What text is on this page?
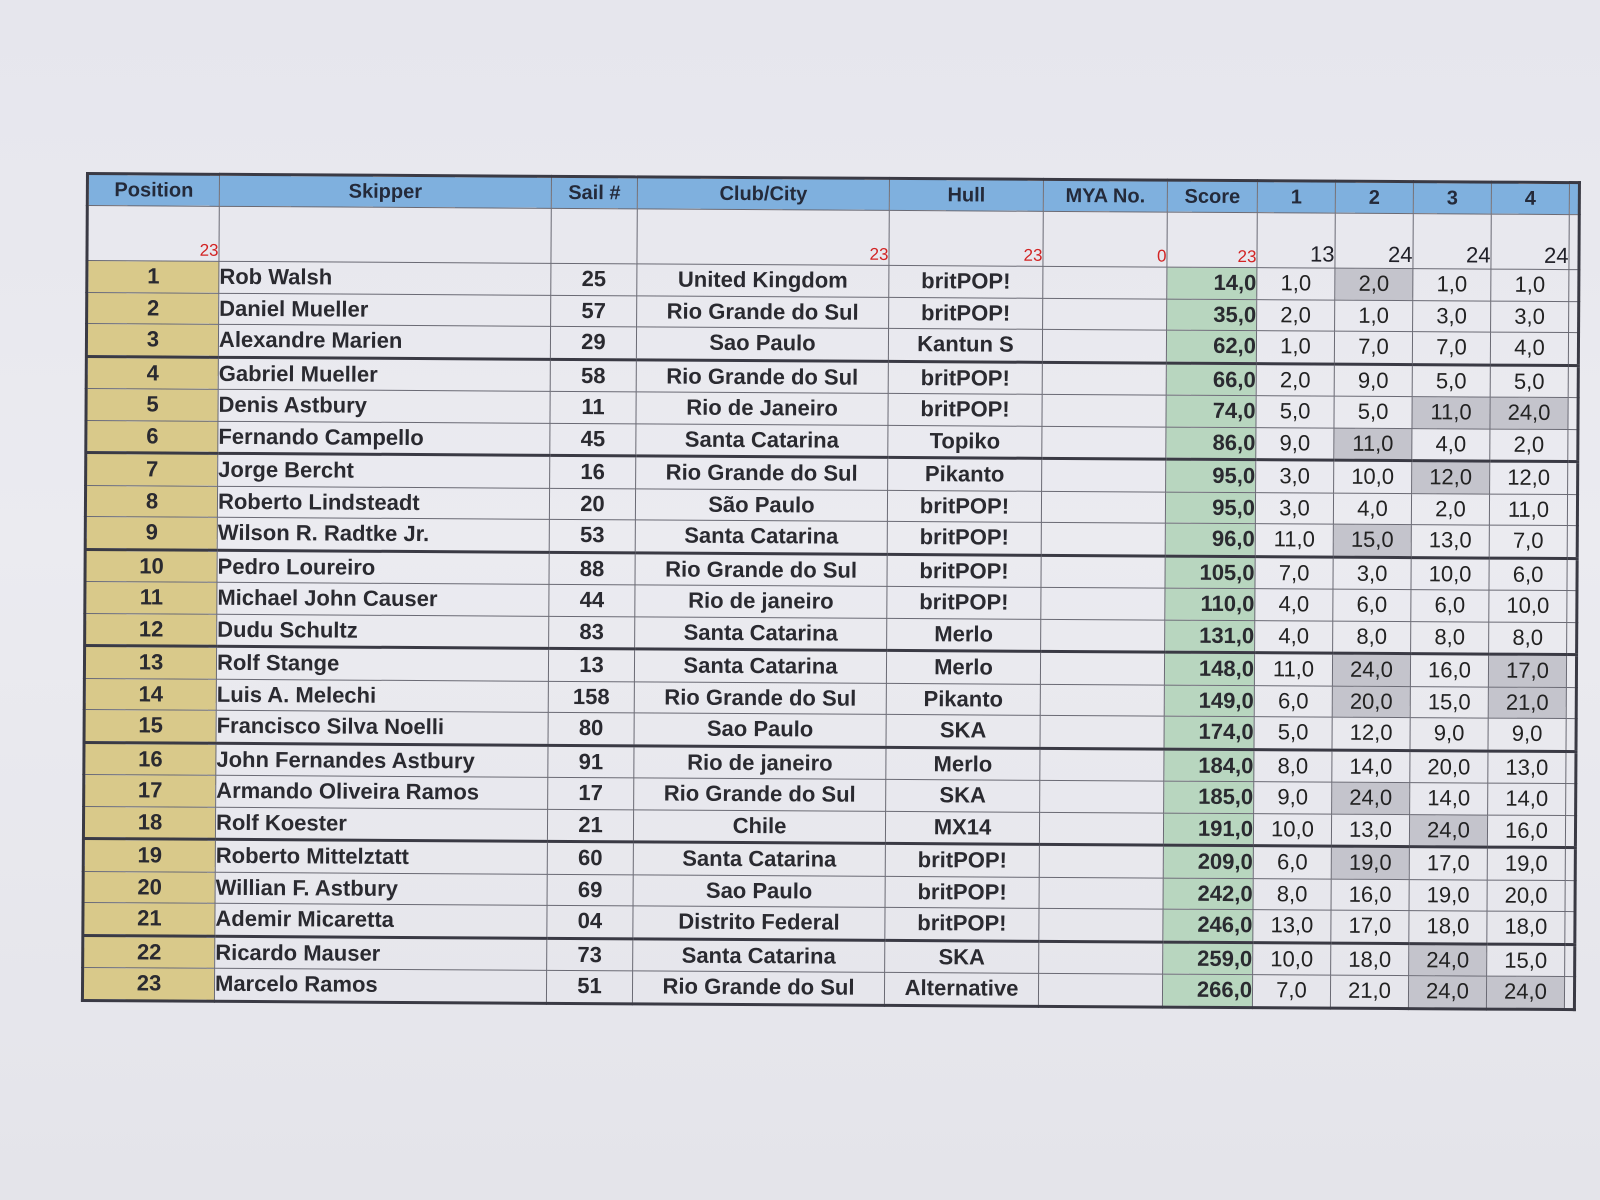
Position	Skipper	Sail #	Club/City	Hull	MYA No.	Score	1	2	3	4	
23			23	23	0	23	13	24	24	24	
1	Rob Walsh	25	United Kingdom	britPOP!		14,0	1,0	2,0	1,0	1,0	
2	Daniel Mueller	57	Rio Grande do Sul	britPOP!		35,0	2,0	1,0	3,0	3,0	
3	Alexandre Marien	29	Sao Paulo	Kantun S		62,0	1,0	7,0	7,0	4,0	
4	Gabriel Mueller	58	Rio Grande do Sul	britPOP!		66,0	2,0	9,0	5,0	5,0	
5	Denis Astbury	11	Rio de Janeiro	britPOP!		74,0	5,0	5,0	11,0	24,0	
6	Fernando Campello	45	Santa Catarina	Topiko		86,0	9,0	11,0	4,0	2,0	
7	Jorge Bercht	16	Rio Grande do Sul	Pikanto		95,0	3,0	10,0	12,0	12,0	
8	Roberto Lindsteadt	20	São Paulo	britPOP!		95,0	3,0	4,0	2,0	11,0	
9	Wilson R. Radtke Jr.	53	Santa Catarina	britPOP!		96,0	11,0	15,0	13,0	7,0	
10	Pedro Loureiro	88	Rio Grande do Sul	britPOP!		105,0	7,0	3,0	10,0	6,0	
11	Michael John Causer	44	Rio de janeiro	britPOP!		110,0	4,0	6,0	6,0	10,0	
12	Dudu Schultz	83	Santa Catarina	Merlo		131,0	4,0	8,0	8,0	8,0	
13	Rolf Stange	13	Santa Catarina	Merlo		148,0	11,0	24,0	16,0	17,0	
14	Luis A. Melechi	158	Rio Grande do Sul	Pikanto		149,0	6,0	20,0	15,0	21,0	
15	Francisco Silva Noelli	80	Sao Paulo	SKA		174,0	5,0	12,0	9,0	9,0	
16	John Fernandes Astbury	91	Rio de janeiro	Merlo		184,0	8,0	14,0	20,0	13,0	
17	Armando Oliveira Ramos	17	Rio Grande do Sul	SKA		185,0	9,0	24,0	14,0	14,0	
18	Rolf Koester	21	Chile	MX14		191,0	10,0	13,0	24,0	16,0	
19	Roberto Mittelztatt	60	Santa Catarina	britPOP!		209,0	6,0	19,0	17,0	19,0	
20	Willian F. Astbury	69	Sao Paulo	britPOP!		242,0	8,0	16,0	19,0	20,0	
21	Ademir Micaretta	04	Distrito Federal	britPOP!		246,0	13,0	17,0	18,0	18,0	
22	Ricardo Mauser	73	Santa Catarina	SKA		259,0	10,0	18,0	24,0	15,0	
23	Marcelo Ramos	51	Rio Grande do Sul	Alternative		266,0	7,0	21,0	24,0	24,0	
